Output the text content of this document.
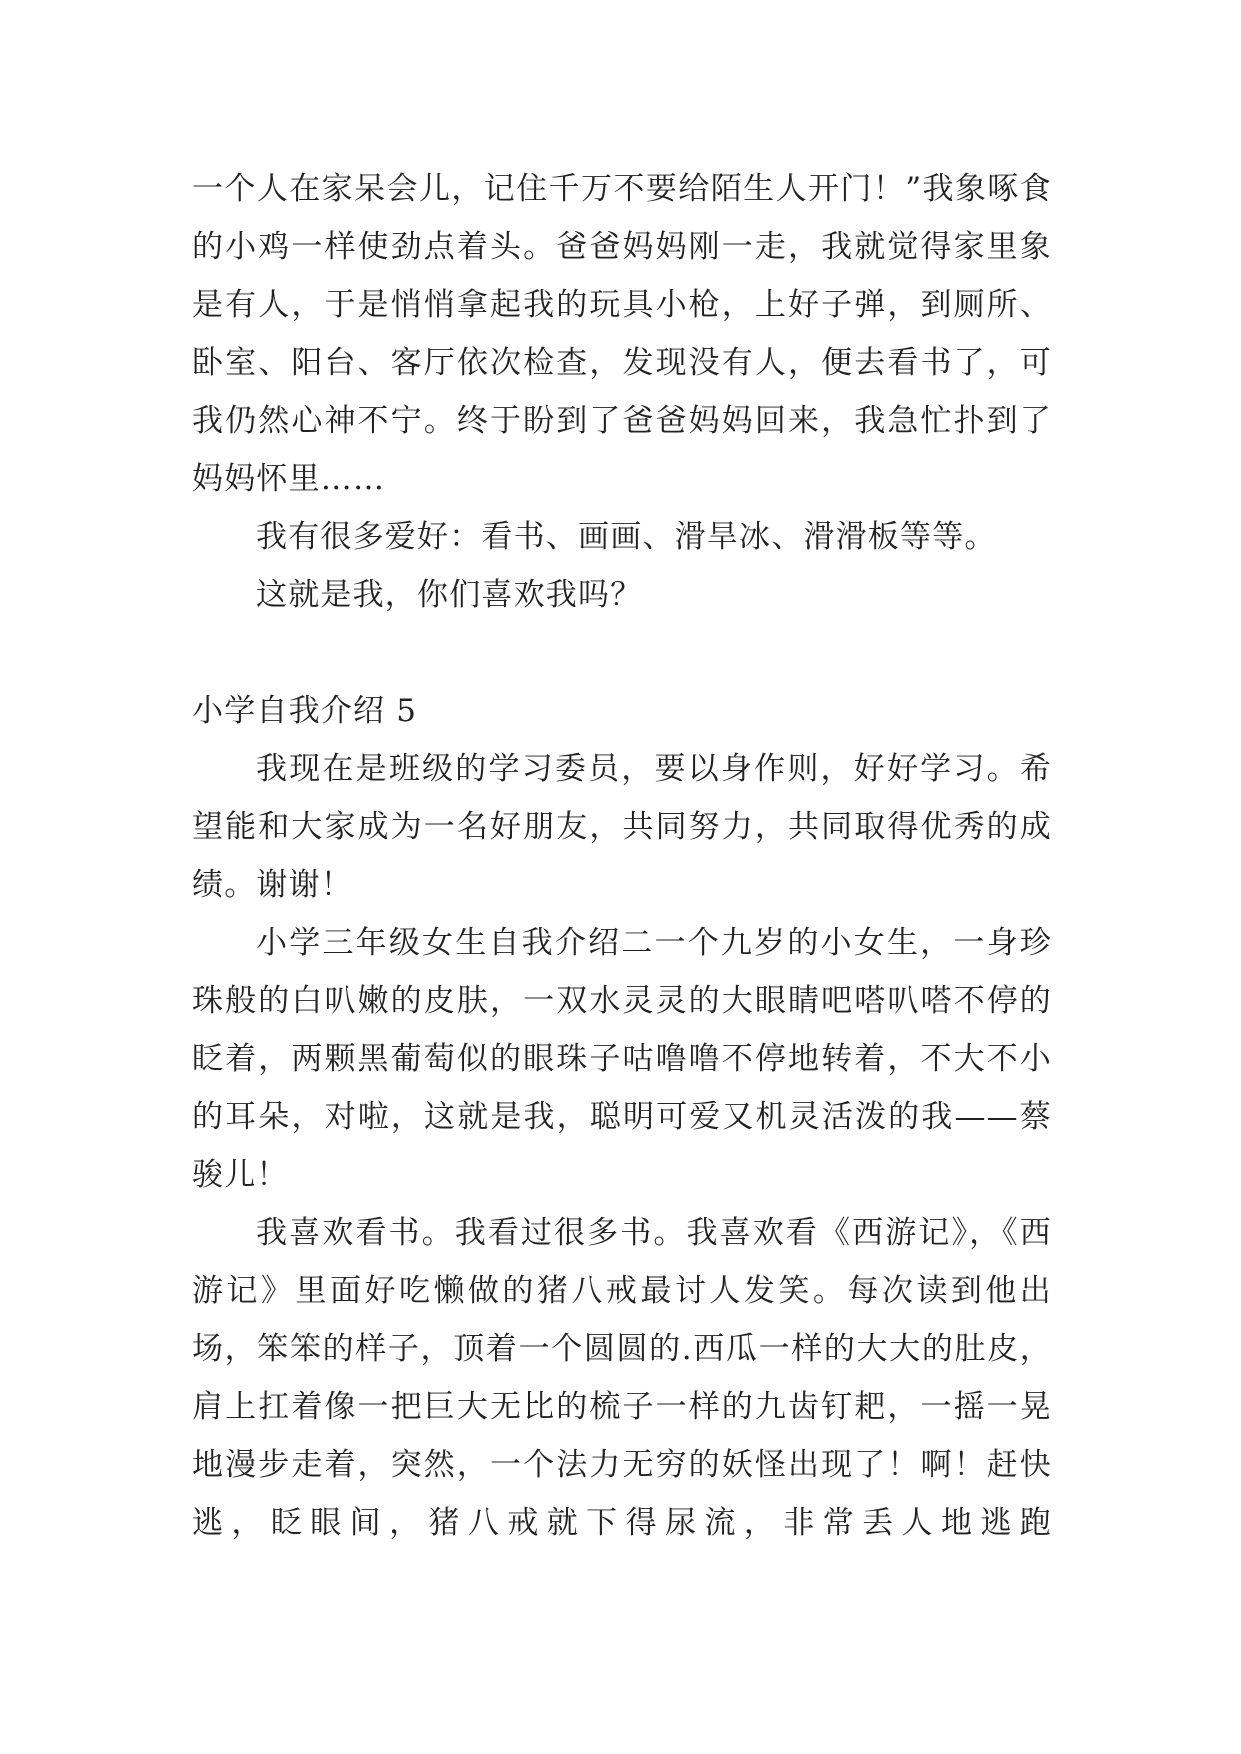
一个人在家呆会儿，记住千万不要给陌生人开门！”我象啄食的小鸡一样使劲点着头。爸爸妈妈刚一走，我就觉得家里象是有人，于是悄悄拿起我的玩具小枪，上好子弹，到厕所、卧室、阳台、客厅依次检查，发现没有人，便去看书了，可我仍然心神不宁。终于盼到了爸爸妈妈回来，我急忙扑到了妈妈怀里……

我有很多爱好：看书、画画、滑旱冰、滑滑板等等。

这就是我，你们喜欢我吗？

小学自我介绍 5

我现在是班级的学习委员，要以身作则，好好学习。希望能和大家成为一名好朋友，共同努力，共同取得优秀的成绩。谢谢！

小学三年级女生自我介绍二一个九岁的小女生，一身珍珠般的白叭嫩的皮肤，一双水灵灵的大眼睛吧嗒叭嗒不停的眨着，两颗黑葡萄似的眼珠子咕噜噜不停地转着，不大不小的耳朵，对啦，这就是我，聪明可爱又机灵活泼的我——蔡骏儿！

我喜欢看书。我看过很多书。我喜欢看《西游记》，《西游记》里面好吃懒做的猪八戒最讨人发笑。每次读到他出场，笨笨的样子，顶着一个圆圆的.西瓜一样的大大的肚皮，肩上扛着像一把巨大无比的梳子一样的九齿钉耙，一摇一晃地漫步走着，突然，一个法力无穷的妖怪出现了！啊！赶快逃，眨眼间，猪八戒就下得尿流，非常丢人地逃跑
